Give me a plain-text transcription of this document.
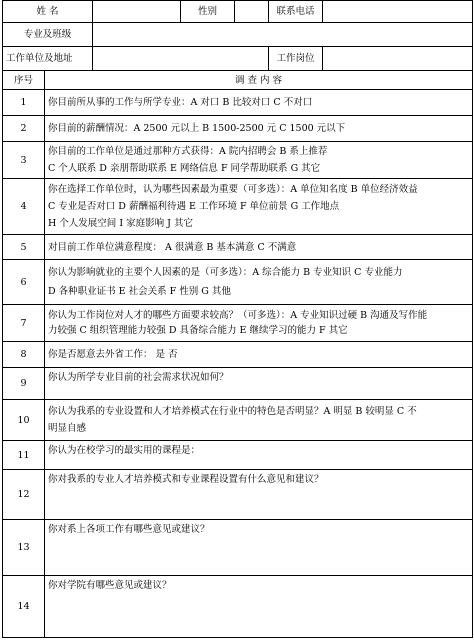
姓 名		性别		联系电话	
专业及班级					
工作单位及地址				工作岗位	
序号	调 查 内 容
1	你目前所从事的工作与所学专业：A 对口 B 比较对口 C 不对口
2	你目前的薪酬情况：A 2500 元以上 B 1500-2500 元 C 1500 元以下
3	你目前的工作单位是通过那种方式获得：A 院内招聘会 B 系上推荐
C 个人联系 D 亲朋帮助联系 E 网络信息 F 同学帮助联系 G 其它

4	你在选择工作单位时，认为哪些因素最为重要（可多选）：A 单位知名度 B 单位经济效益
C 专业是否对口 D 薪酬福利待遇 E 工作环境 F 单位前景 G 工作地点
H 个人发展空间 I 家庭影响 J 其它

5	对目前工作单位满意程度： A 很满意 B 基本满意 C 不满意
6	你认为影响就业的主要个人因素的是（可多选）：A 综合能力 B 专业知识 C 专业能力
D 各种职业证书 E 社会关系 F 性别 G 其他

7	你认为工作岗位对人才的哪些方面要求较高？（可多选）：A 专业知识过硬 B 沟通及写作能
力较强 C 组织管理能力较强 D 具备综合能力 E 继续学习的能力 F 其它

8	你是否愿意去外省工作： 是 否
9	你认为所学专业目前的社会需求状况如何？
10	你认为我系的专业设置和人才培养模式在行业中的特色是否明显？A 明显 B 较明显 C 不
明显自感

11	你认为在校学习的最实用的课程是：
12	你对我系的专业人才培养模式和专业课程设置有什么意见和建议？
13	你对系上各项工作有哪些意见或建议？
14	你对学院有哪些意见或建议？
